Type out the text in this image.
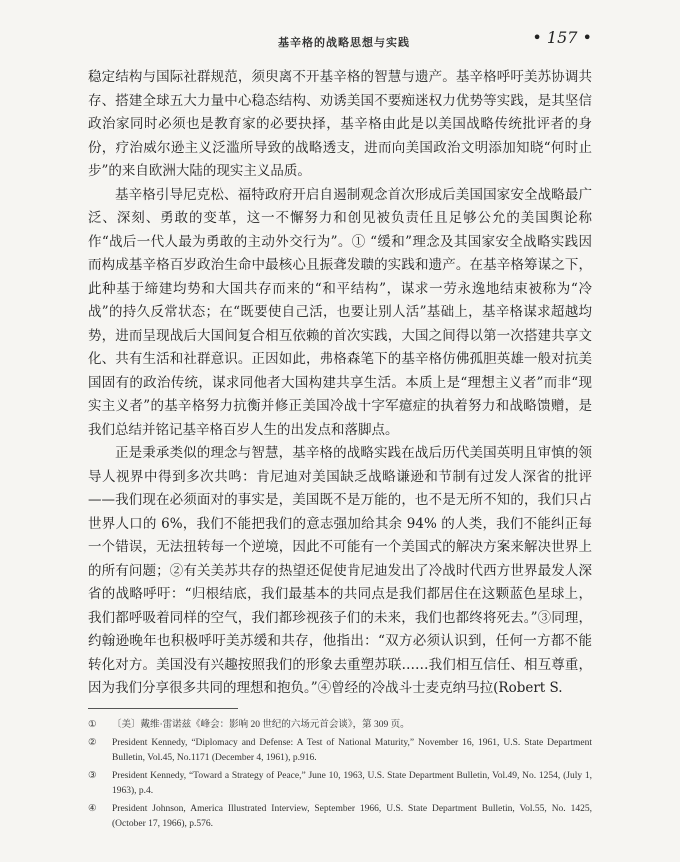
基辛格的战略思想与实践	• 157 •

稳定结构与国际社群规范，须臾离不开基辛格的智慧与遗产。基辛格呼吁美苏协调共存、搭建全球五大力量中心稳态结构、劝诱美国不要痴迷权力优势等实践，是其坚信政治家同时必须也是教育家的必要抉择，基辛格由此是以美国战略传统批评者的身份，疗治威尔逊主义泛滥所导致的战略透支，进而向美国政治文明添加知晓“何时止步”的来自欧洲大陆的现实主义品质。

基辛格引导尼克松、福特政府开启自遏制观念首次形成后美国国家安全战略最广泛、深刻、勇敢的变革，这一不懈努力和创见被负责任且足够公允的美国舆论称作“战后一代人最为勇敢的主动外交行为”。① “缓和”理念及其国家安全战略实践因而构成基辛格百岁政治生命中最核心且振聋发聩的实践和遗产。在基辛格筹谋之下，此种基于缔建均势和大国共存而来的“和平结构”，谋求一劳永逸地结束被称为“冷战”的持久反常状态；在“既要使自己活，也要让别人活”基础上，基辛格谋求超越均势，进而呈现战后大国间复合相互依赖的首次实践，大国之间得以第一次搭建共享文化、共有生活和社群意识。正因如此，弗格森笔下的基辛格仿佛孤胆英雄一般对抗美国固有的政治传统，谋求同他者大国构建共享生活。本质上是“理想主义者”而非“现实主义者”的基辛格努力抗衡并修正美国冷战十字军癔症的执着努力和战略馈赠，是我们总结并铭记基辛格百岁人生的出发点和落脚点。

正是秉承类似的理念与智慧，基辛格的战略实践在战后历代美国英明且审慎的领导人视界中得到多次共鸣：肯尼迪对美国缺乏战略谦逊和节制有过发人深省的批评——我们现在必须面对的事实是，美国既不是万能的，也不是无所不知的，我们只占世界人口的 6%，我们不能把我们的意志强加给其余 94% 的人类，我们不能纠正每一个错误，无法扭转每一个逆境，因此不可能有一个美国式的解决方案来解决世界上的所有问题；②有关美苏共存的热望还促使肯尼迪发出了冷战时代西方世界最发人深省的战略呼吁：“归根结底，我们最基本的共同点是我们都居住在这颗蓝色星球上，我们都呼吸着同样的空气，我们都珍视孩子们的未来，我们也都终将死去。”③同理，约翰逊晚年也积极呼吁美苏缓和共存，他指出：“双方必须认识到，任何一方都不能转化对方。美国没有兴趣按照我们的形象去重塑苏联……我们相互信任、相互尊重，因为我们分享很多共同的理想和抱负。”④曾经的冷战斗士麦克纳马拉(Robert S.

① 〔美〕戴维·雷诺兹《峰会：影响 20 世纪的六场元首会谈》，第 309 页。
② President Kennedy, “Diplomacy and Defense: A Test of National Maturity,” November 16, 1961, U.S. State Department Bulletin, Vol.45, No.1171 (December 4, 1961), p.916.
③ President Kennedy, “Toward a Strategy of Peace,” June 10, 1963, U.S. State Department Bulletin, Vol.49, No. 1254, (July 1, 1963), p.4.
④ President Johnson, America Illustrated Interview, September 1966, U.S. State Department Bulletin, Vol.55, No. 1425, (October 17, 1966), p.576.
